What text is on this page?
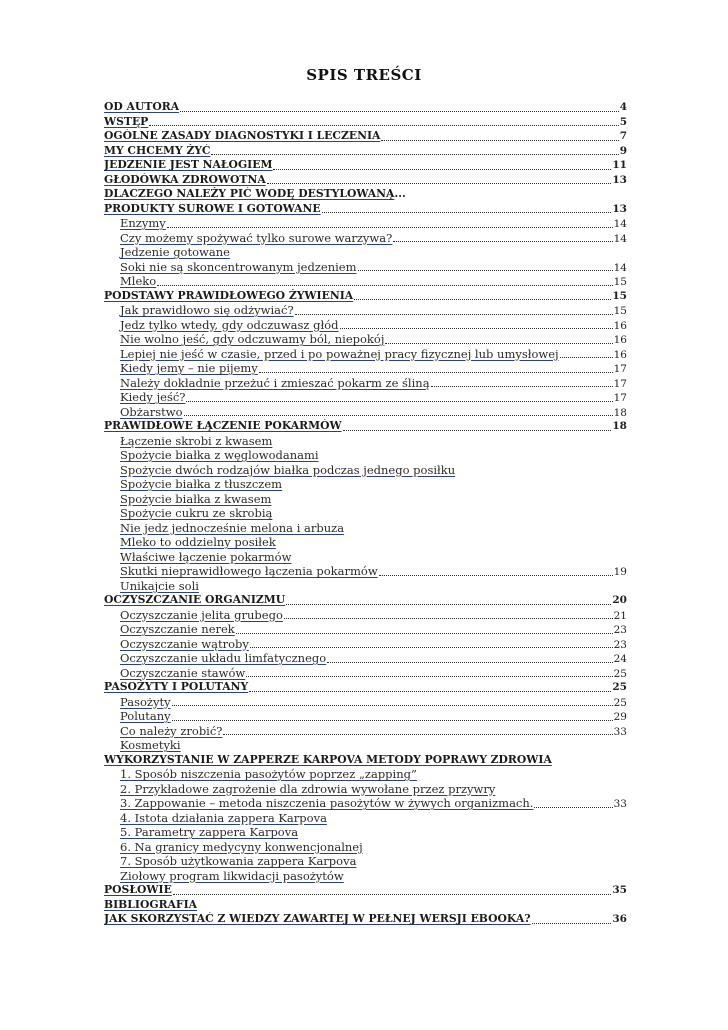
SPIS TREŚCI
OD AUTORA	4
WSTĘP	5
OGÓLNE ZASADY DIAGNOSTYKI I LECZENIA	7
MY CHCEMY ŻYĆ	9
JEDZENIE JEST NAŁOGIEM	11
GŁODÓWKA ZDROWOTNA	13
DLACZEGO NALEŻY PIĆ WODĘ DESTYLOWANĄ ...
PRODUKTY SUROWE I GOTOWANE	13
Enzymy	14
Czy możemy spożywać tylko surowe warzywa?	14
Jedzenie gotowane
Soki nie są skoncentrowanym jedzeniem	14
Mleko	15
PODSTAWY PRAWIDŁOWEGO ŻYWIENIA	15
Jak prawidłowo się odżywiać?	15
Jedz tylko wtedy, gdy odczuwasz głód	16
Nie wolno jeść, gdy odczuwamy ból, niepokój	16
Lepiej nie jeść w czasie, przed i po poważnej pracy fizycznej lub umysłowej	16
Kiedy jemy – nie pijemy	17
Należy dokładnie przeżuć i zmieszać pokarm ze śliną	17
Kiedy jeść?	17
Obżarstwo	18
PRAWIDŁOWE ŁĄCZENIE POKARMÓW	18
Łączenie skrobi z kwasem
Spożycie białka z węglowodanami
Spożycie dwóch rodzajów białka podczas jednego posiłku
Spożycie białka z tłuszczem
Spożycie białka z kwasem
Spożycie cukru ze skrobią
Nie jedz jednocześnie melona i arbuza
Mleko to oddzielny posiłek
Właściwe łączenie pokarmów
Skutki nieprawidłowego łączenia pokarmów	19
Unikajcie soli
OCZYSZCZANIE ORGANIZMU	20
Oczyszczanie jelita grubego	21
Oczyszczanie nerek	23
Oczyszczanie wątroby	23
Oczyszczanie układu limfatycznego	24
Oczyszczanie stawów	25
PASOŻYTY I POLUTANY	25
Pasożyty	25
Polutany	29
Co należy zrobić?	33
Kosmetyki
WYKORZYSTANIE W ZAPPERZE KARPOVA METODY POPRAWY ZDROWIA
1. Sposób niszczenia pasożytów poprzez „zapping”
2. Przykładowe zagrożenie dla zdrowia wywołane przez przywry
3. Zappowanie – metoda niszczenia pasożytów w żywych organizmach.	33
4. Istota działania zappera Karpova
5. Parametry zappera Karpova
6. Na granicy medycyny konwencjonalnej
7. Sposób użytkowania zappera Karpova
Ziołowy program likwidacji pasożytów
POSŁOWIE	35
BIBLIOGRAFIA
JAK SKORZYSTAĆ Z WIEDZY ZAWARTEJ W PEŁNEJ WERSJI EBOOKA?	36
